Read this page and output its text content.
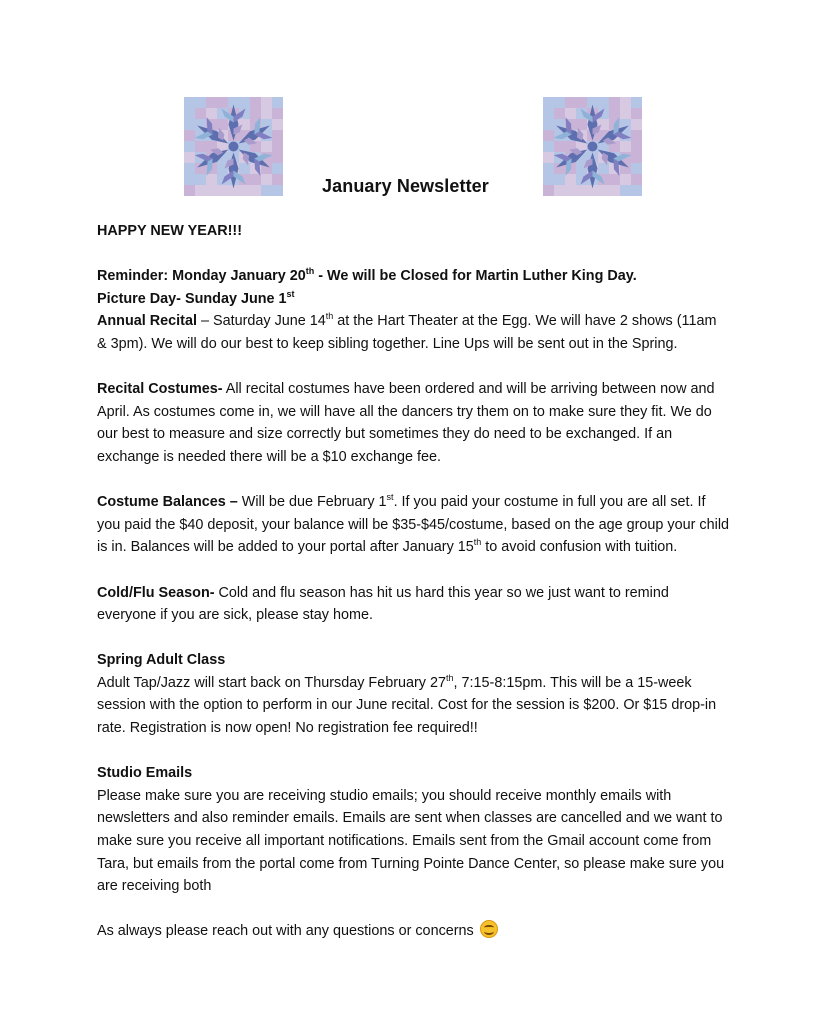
January Newsletter

HAPPY NEW YEAR!!!

Reminder: Monday January 20th - We will be Closed for Martin Luther King Day.

Picture Day- Sunday June 1st

Annual Recital – Saturday June 14th at the Hart Theater at the Egg. We will have 2 shows (11am & 3pm). We will do our best to keep sibling together. Line Ups will be sent out in the Spring.

Recital Costumes- All recital costumes have been ordered and will be arriving between now and April. As costumes come in, we will have all the dancers try them on to make sure they fit. We do our best to measure and size correctly but sometimes they do need to be exchanged. If an exchange is needed there will be a $10 exchange fee.

Costume Balances – Will be due February 1st. If you paid your costume in full you are all set. If you paid the $40 deposit, your balance will be $35-$45/costume, based on the age group your child is in. Balances will be added to your portal after January 15th to avoid confusion with tuition.

Cold/Flu Season- Cold and flu season has hit us hard this year so we just want to remind everyone if you are sick, please stay home.

Spring Adult Class

Adult Tap/Jazz will start back on Thursday February 27th, 7:15-8:15pm. This will be a 15-week session with the option to perform in our June recital. Cost for the session is $200. Or $15 drop-in rate. Registration is now open! No registration fee required!!

Studio Emails

Please make sure you are receiving studio emails; you should receive monthly emails with newsletters and also reminder emails. Emails are sent when classes are cancelled and we want to make sure you receive all important notifications. Emails sent from the Gmail account come from Tara, but emails from the portal come from Turning Pointe Dance Center, so please make sure you are receiving both

As always please reach out with any questions or concerns
